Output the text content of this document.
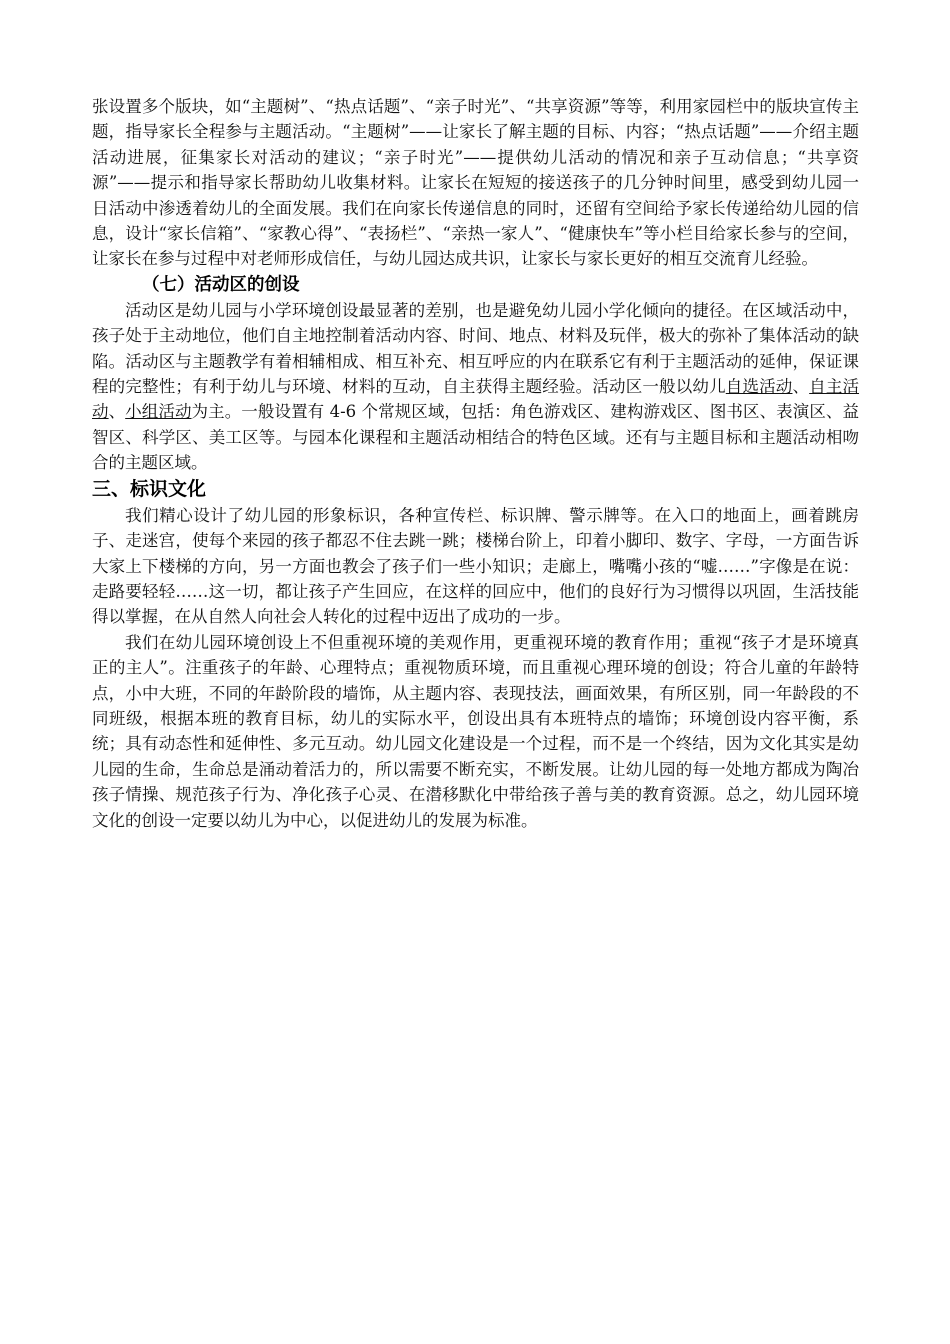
张设置多个版块，如“主题树”、“热点话题”、“亲子时光”、“共享资源”等等，利用家园栏中的版块宣传主题，指导家长全程参与主题活动。“主题树”——让家长了解主题的目标、内容；“热点话题”——介绍主题活动进展，征集家长对活动的建议；“亲子时光”——提供幼儿活动的情况和亲子互动信息；“共享资源”——提示和指导家长帮助幼儿收集材料。让家长在短短的接送孩子的几分钟时间里，感受到幼儿园一日活动中渗透着幼儿的全面发展。我们在向家长传递信息的同时，还留有空间给予家长传递给幼儿园的信息，设计“家长信箱”、“家教心得”、“表扬栏”、“亲热一家人”、“健康快车”等小栏目给家长参与的空间，让家长在参与过程中对老师形成信任，与幼儿园达成共识，让家长与家长更好的相互交流育儿经验。

（七）活动区的创设

活动区是幼儿园与小学环境创设最显著的差别，也是避免幼儿园小学化倾向的捷径。在区域活动中，孩子处于主动地位，他们自主地控制着活动内容、时间、地点、材料及玩伴，极大的弥补了集体活动的缺陷。活动区与主题教学有着相辅相成、相互补充、相互呼应的内在联系它有利于主题活动的延伸，保证课程的完整性；有利于幼儿与环境、材料的互动，自主获得主题经验。活动区一般以幼儿自选活动、自主活动、小组活动为主。一般设置有 4-6 个常规区域，包括：角色游戏区、建构游戏区、图书区、表演区、益智区、科学区、美工区等。与园本化课程和主题活动相结合的特色区域。还有与主题目标和主题活动相吻合的主题区域。

三、标识文化

我们精心设计了幼儿园的形象标识，各种宣传栏、标识牌、警示牌等。在入口的地面上，画着跳房子、走迷宫，使每个来园的孩子都忍不住去跳一跳；楼梯台阶上，印着小脚印、数字、字母，一方面告诉大家上下楼梯的方向，另一方面也教会了孩子们一些小知识；走廊上，嘴嘴小孩的“嘘……”字像是在说：走路要轻轻……这一切，都让孩子产生回应，在这样的回应中，他们的良好行为习惯得以巩固，生活技能得以掌握，在从自然人向社会人转化的过程中迈出了成功的一步。

我们在幼儿园环境创设上不但重视环境的美观作用，更重视环境的教育作用；重视“孩子才是环境真正的主人”。注重孩子的年龄、心理特点；重视物质环境，而且重视心理环境的创设；符合儿童的年龄特点，小中大班，不同的年龄阶段的墙饰，从主题内容、表现技法，画面效果，有所区别，同一年龄段的不同班级，根据本班的教育目标，幼儿的实际水平，创设出具有本班特点的墙饰；环境创设内容平衡，系统；具有动态性和延伸性、多元互动。幼儿园文化建设是一个过程，而不是一个终结，因为文化其实是幼儿园的生命，生命总是涌动着活力的，所以需要不断充实，不断发展。让幼儿园的每一处地方都成为陶冶孩子情操、规范孩子行为、净化孩子心灵、在潜移默化中带给孩子善与美的教育资源。总之，幼儿园环境文化的创设一定要以幼儿为中心，以促进幼儿的发展为标准。
